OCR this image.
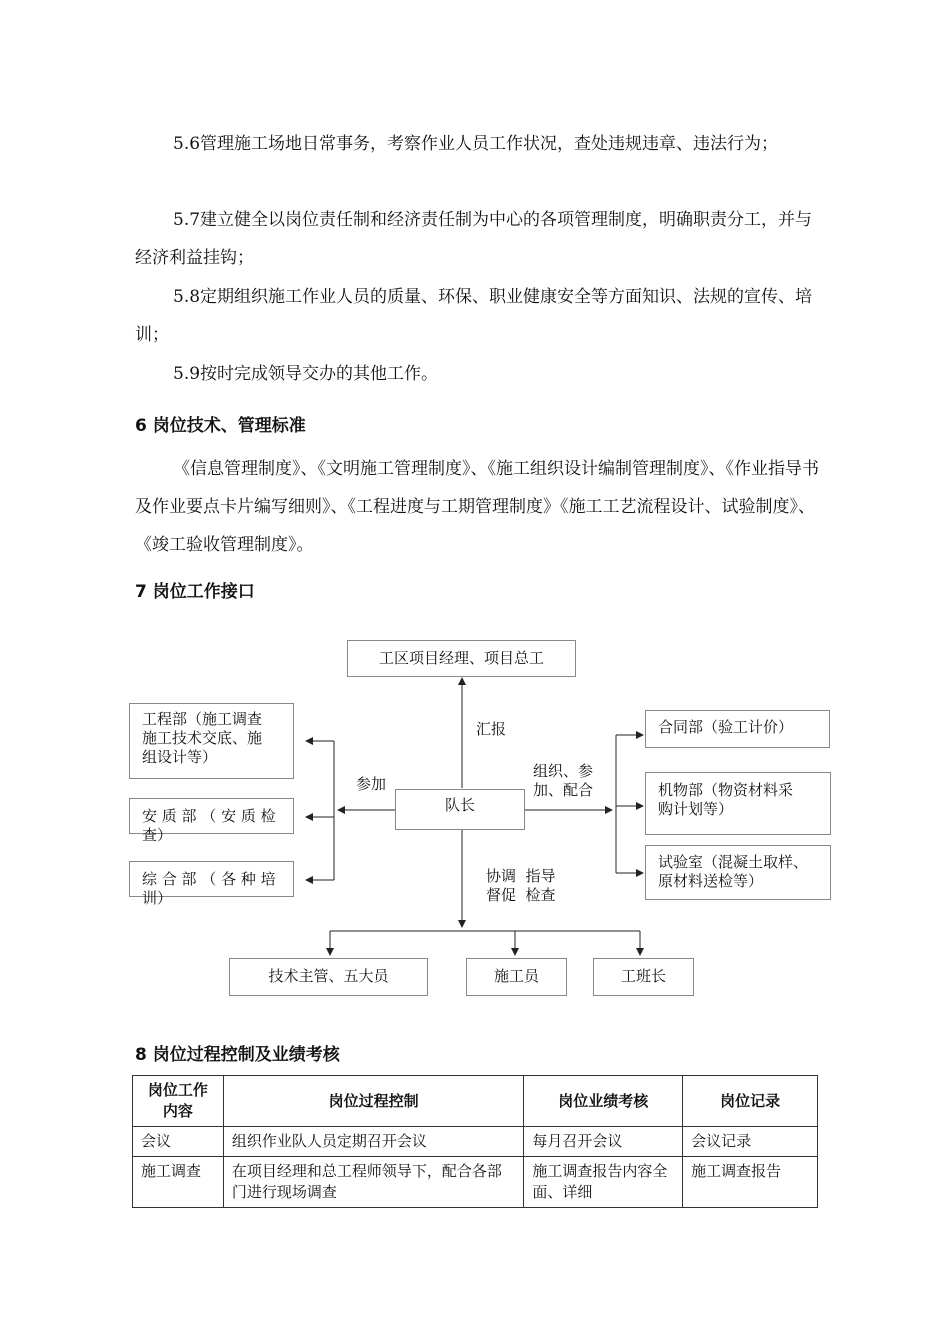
5.6管理施工场地日常事务，考察作业人员工作状况，查处违规违章、违法行为；

5.7建立健全以岗位责任制和经济责任制为中心的各项管理制度，明确职责分工，并与经济利益挂钩；

5.8定期组织施工作业人员的质量、环保、职业健康安全等方面知识、法规的宣传、培训；

5.9按时完成领导交办的其他工作。

6 岗位技术、管理标准

《信息管理制度》、《文明施工管理制度》、《施工组织设计编制管理制度》、《作业指导书及作业要点卡片编写细则》、《工程进度与工期管理制度》《施工工艺流程设计、试验制度》、《竣工验收管理制度》。

7 岗位工作接口

工区项目经理、项目总工
队长
工程部（施工调查
施工技术交底、施
组设计等）
安 质 部 （ 安 质 检
查）
综 合 部 （ 各 种 培
训）
合同部（验工计价）
机物部（物资材料采
购计划等）
试验室（混凝土取样、
原材料送检等）
技术主管、五大员	施工员	工班长
汇报
参加
组织、参
加、配合
协调  指导
督促  检查

8 岗位过程控制及业绩考核

岗位工作内容	岗位过程控制	岗位业绩考核	岗位记录
会议	组织作业队人员定期召开会议	每月召开会议	会议记录
施工调查	在项目经理和总工程师领导下，配合各部门进行现场调查	施工调查报告内容全面、详细	施工调查报告
